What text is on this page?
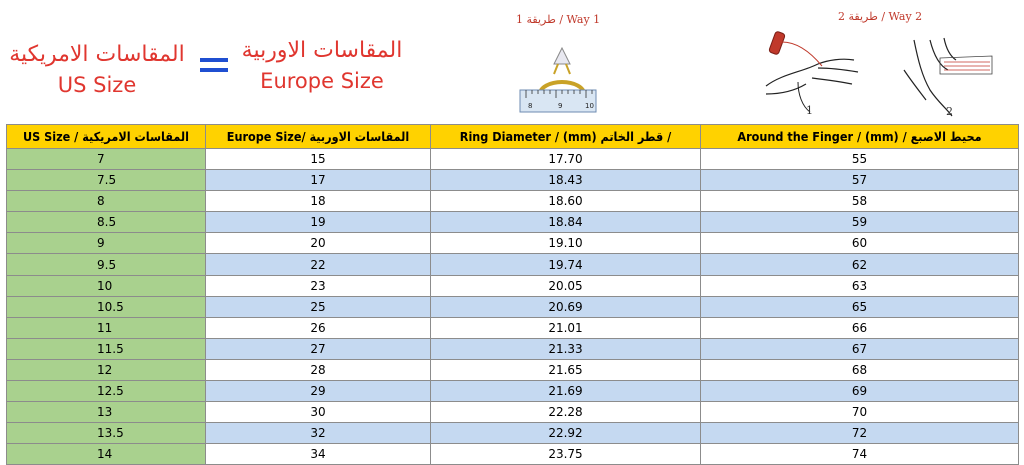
المقاسات الامريكية
US Size
المقاسات الاوربية
Europe Size
طريقة 1 / Way 1	طريقة 2 / Way 2
8	9	10	1	2
US Size / المقاسات الامريكية	Europe Size/ المقاسات الاوربية	Ring Diameter / (mm) قطر الخاتم /	Around the Finger / (mm) / محيط الاصبع
7	15	17.70	55
7.5	17	18.43	57
8	18	18.60	58
8.5	19	18.84	59
9	20	19.10	60
9.5	22	19.74	62
10	23	20.05	63
10.5	25	20.69	65
11	26	21.01	66
11.5	27	21.33	67
12	28	21.65	68
12.5	29	21.69	69
13	30	22.28	70
13.5	32	22.92	72
14	34	23.75	74
